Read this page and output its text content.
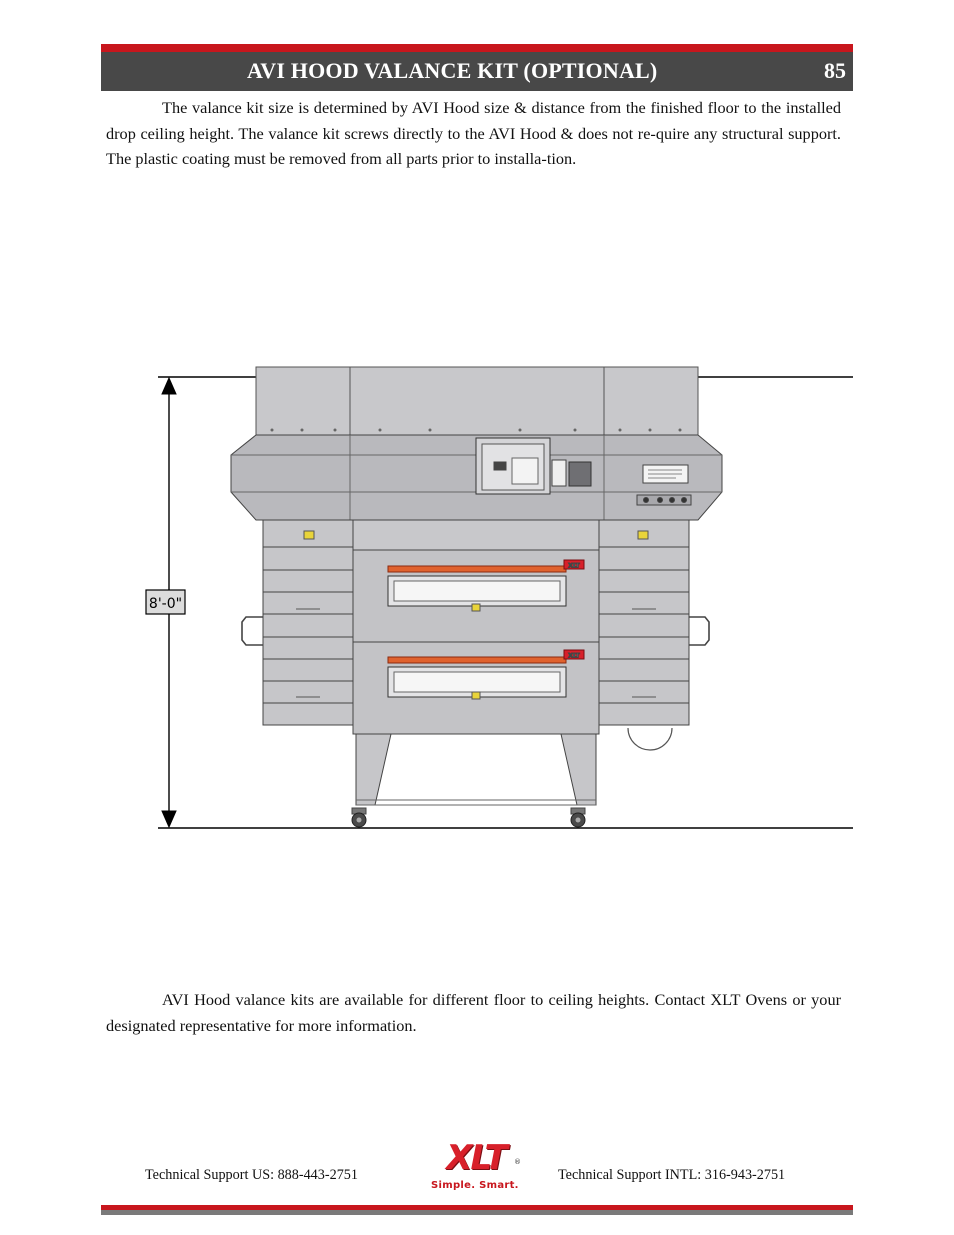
AVI HOOD VALANCE KIT (OPTIONAL)	85

The valance kit size is determined by AVI Hood size & distance from the finished floor to the installed drop ceiling height. The valance kit screws directly to the AVI Hood & does not re-quire any structural support. The plastic coating must be removed from all parts prior to installa-tion.

8'-0"
XLT
XLT

AVI Hood valance kits are available for different floor to ceiling heights. Contact XLT Ovens or your designated representative for more information.

Technical Support US: 888-443-2751	XLT	®
Simple. Smart.
Technical Support INTL: 316-943-2751
